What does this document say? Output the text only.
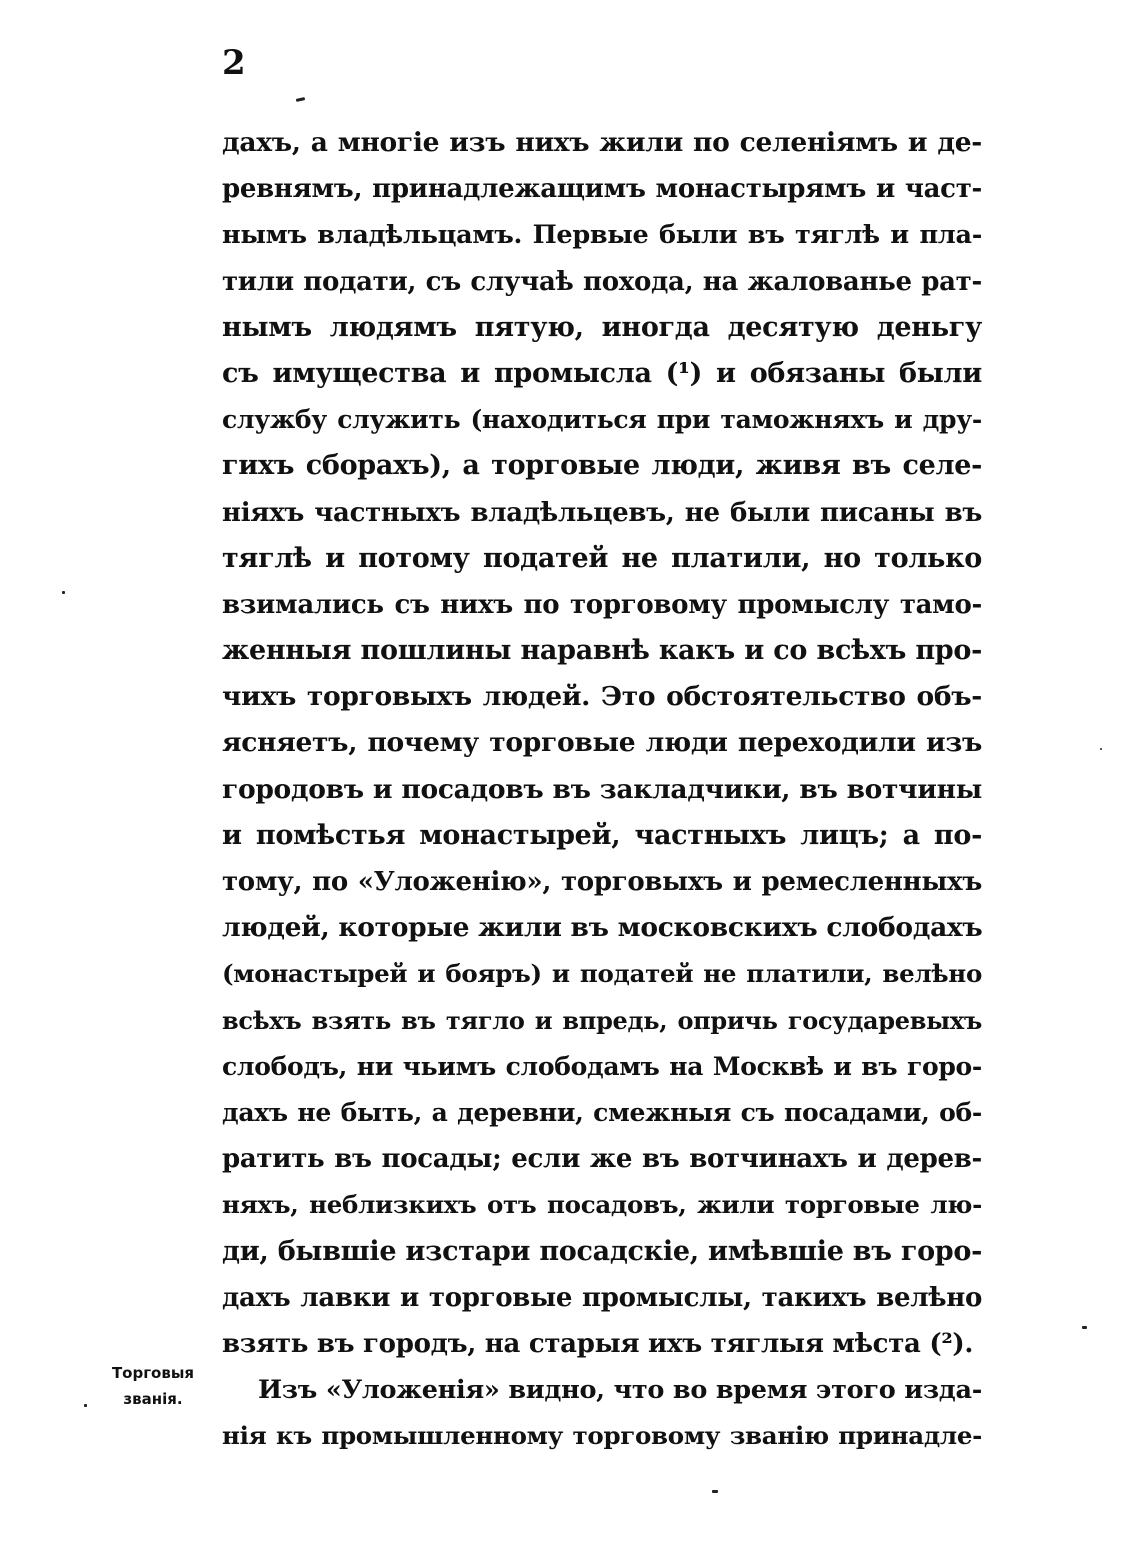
2
дахъ, а многіе изъ нихъ жили по селеніямъ и де-
ревнямъ, принадлежащимъ монастырямъ и част-
нымъ владѣльцамъ. Первые были въ тяглѣ и пла-
тили подати, съ случаѣ похода, на жалованье рат-
нымъ людямъ пятую, иногда десятую деньгу
съ имущества и промысла (¹) и обязаны были
службу служить (находиться при таможняхъ и дру-
гихъ сборахъ), а торговые люди, живя въ селе-
ніяхъ частныхъ владѣльцевъ, не были писаны въ
тяглѣ и потому податей не платили, но только
взимались съ нихъ по торговому промыслу тамо-
женныя пошлины наравнѣ какъ и со всѣхъ про-
чихъ торговыхъ людей. Это обстоятельство объ-
ясняетъ, почему торговые люди переходили изъ
городовъ и посадовъ въ закладчики, въ вотчины
и помѣстья монастырей, частныхъ лицъ; а по-
тому, по «Уложенію», торговыхъ и ремесленныхъ
людей, которые жили въ московскихъ слободахъ
(монастырей и бояръ) и податей не платили, велѣно
всѣхъ взять въ тягло и впредь, опричь государевыхъ
слободъ, ни чьимъ слободамъ на Москвѣ и въ горо-
дахъ не быть, а деревни, смежныя съ посадами, об-
ратить въ посады; если же въ вотчинахъ и дерев-
няхъ, неблизкихъ отъ посадовъ, жили торговые лю-
ди, бывшіе изстари посадскіе, имѣвшіе въ горо-
дахъ лавки и торговые промыслы, такихъ велѣно
взять въ городъ, на старыя ихъ тяглыя мѣста (²).
Изъ «Уложенія» видно, что во время этого изда-
нія къ промышленному торговому званію принадле-
Торговыя
званія.
